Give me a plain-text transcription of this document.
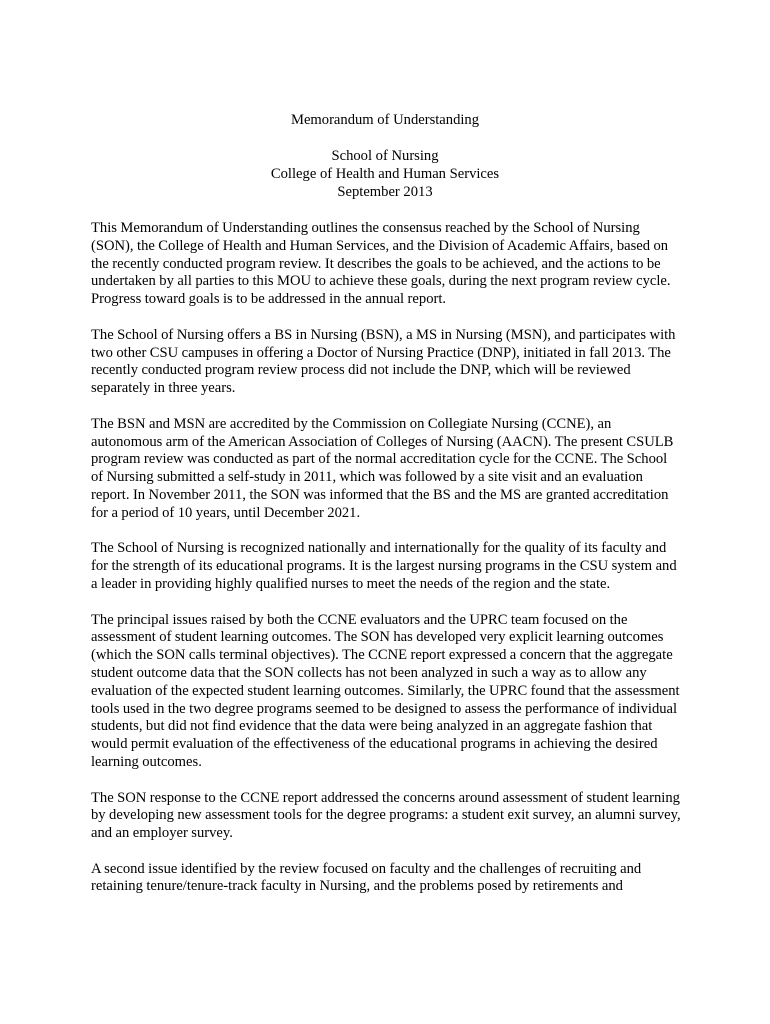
Memorandum of Understanding
School of Nursing
College of Health and Human Services
September 2013

This Memorandum of Understanding outlines the consensus reached by the School of Nursing (SON), the College of Health and Human Services, and the Division of Academic Affairs, based on the recently conducted program review. It describes the goals to be achieved, and the actions to be undertaken by all parties to this MOU to achieve these goals, during the next program review cycle. Progress toward goals is to be addressed in the annual report.

The School of Nursing offers a BS in Nursing (BSN), a MS in Nursing (MSN), and participates with two other CSU campuses in offering a Doctor of Nursing Practice (DNP), initiated in fall 2013. The recently conducted program review process did not include the DNP, which will be reviewed separately in three years.

The BSN and MSN are accredited by the Commission on Collegiate Nursing (CCNE), an autonomous arm of the American Association of Colleges of Nursing (AACN). The present CSULB program review was conducted as part of the normal accreditation cycle for the CCNE. The School of Nursing submitted a self-study in 2011, which was followed by a site visit and an evaluation report. In November 2011, the SON was informed that the BS and the MS are granted accreditation for a period of 10 years, until December 2021.

The School of Nursing is recognized nationally and internationally for the quality of its faculty and for the strength of its educational programs. It is the largest nursing programs in the CSU system and a leader in providing highly qualified nurses to meet the needs of the region and the state.

The principal issues raised by both the CCNE evaluators and the UPRC team focused on the assessment of student learning outcomes. The SON has developed very explicit learning outcomes (which the SON calls terminal objectives). The CCNE report expressed a concern that the aggregate student outcome data that the SON collects has not been analyzed in such a way as to allow any evaluation of the expected student learning outcomes. Similarly, the UPRC found that the assessment tools used in the two degree programs seemed to be designed to assess the performance of individual students, but did not find evidence that the data were being analyzed in an aggregate fashion that would permit evaluation of the effectiveness of the educational programs in achieving the desired learning outcomes.

The SON response to the CCNE report addressed the concerns around assessment of student learning by developing new assessment tools for the degree programs: a student exit survey, an alumni survey, and an employer survey.

A second issue identified by the review focused on faculty and the challenges of recruiting and retaining tenure/tenure-track faculty in Nursing, and the problems posed by retirements and
